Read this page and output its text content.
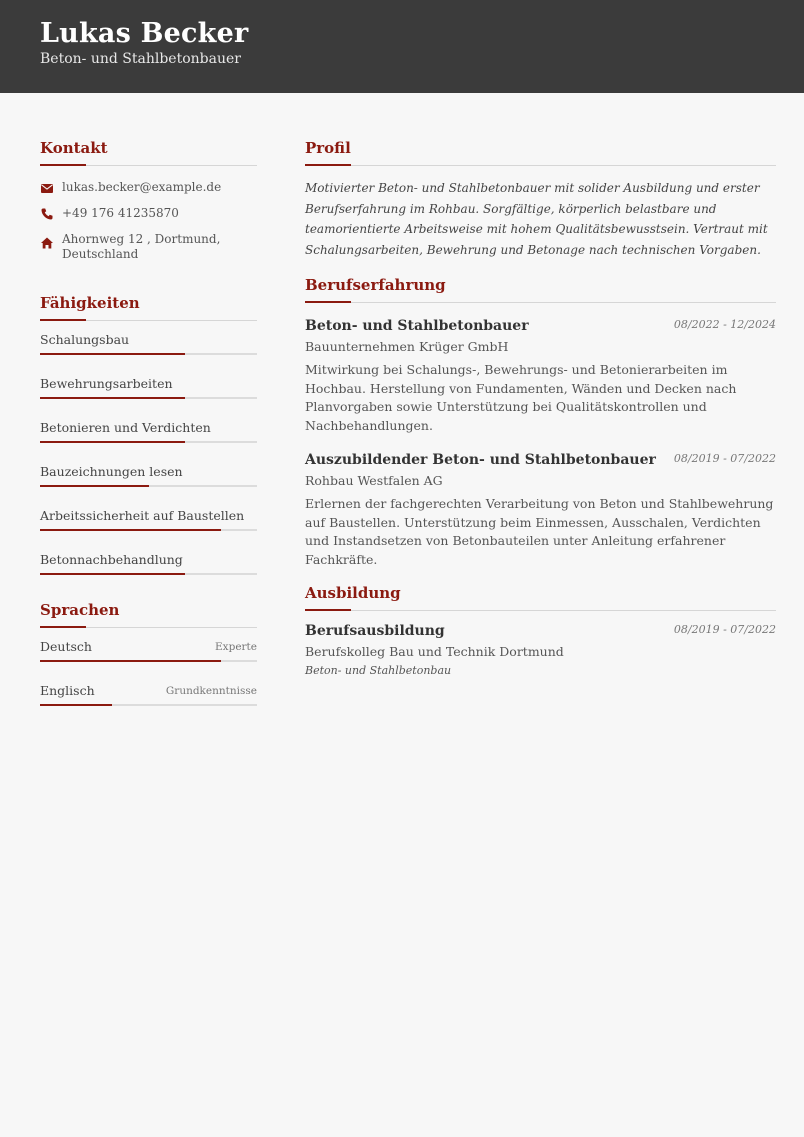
Lukas Becker
Beton- und Stahlbetonbauer
Kontakt
lukas.becker@example.de
+49 176 41235870
Ahornweg 12 , Dortmund, Deutschland
Fähigkeiten
Schalungsbau
Bewehrungsarbeiten
Betonieren und Verdichten
Bauzeichnungen lesen
Arbeitssicherheit auf Baustellen
Betonnachbehandlung
Sprachen
Deutsch	Experte
Englisch	Grundkenntnisse
Profil
Motivierter Beton- und Stahlbetonbauer mit solider Ausbildung und erster Berufserfahrung im Rohbau. Sorgfältige, körperlich belastbare und teamorientierte Arbeitsweise mit hohem Qualitätsbewusstsein. Vertraut mit Schalungsarbeiten, Bewehrung und Betonage nach technischen Vorgaben.
Berufserfahrung
Beton- und Stahlbetonbauer	08/2022 - 12/2024
Bauunternehmen Krüger GmbH
Mitwirkung bei Schalungs-, Bewehrungs- und Betonierarbeiten im Hochbau. Herstellung von Fundamenten, Wänden und Decken nach Planvorgaben sowie Unterstützung bei Qualitätskontrollen und Nachbehandlungen.
Auszubildender Beton- und Stahlbetonbauer	08/2019 - 07/2022
Rohbau Westfalen AG
Erlernen der fachgerechten Verarbeitung von Beton und Stahlbewehrung auf Baustellen. Unterstützung beim Einmessen, Ausschalen, Verdichten und Instandsetzen von Betonbauteilen unter Anleitung erfahrener Fachkräfte.
Ausbildung
Berufsausbildung	08/2019 - 07/2022
Berufskolleg Bau und Technik Dortmund
Beton- und Stahlbetonbau
